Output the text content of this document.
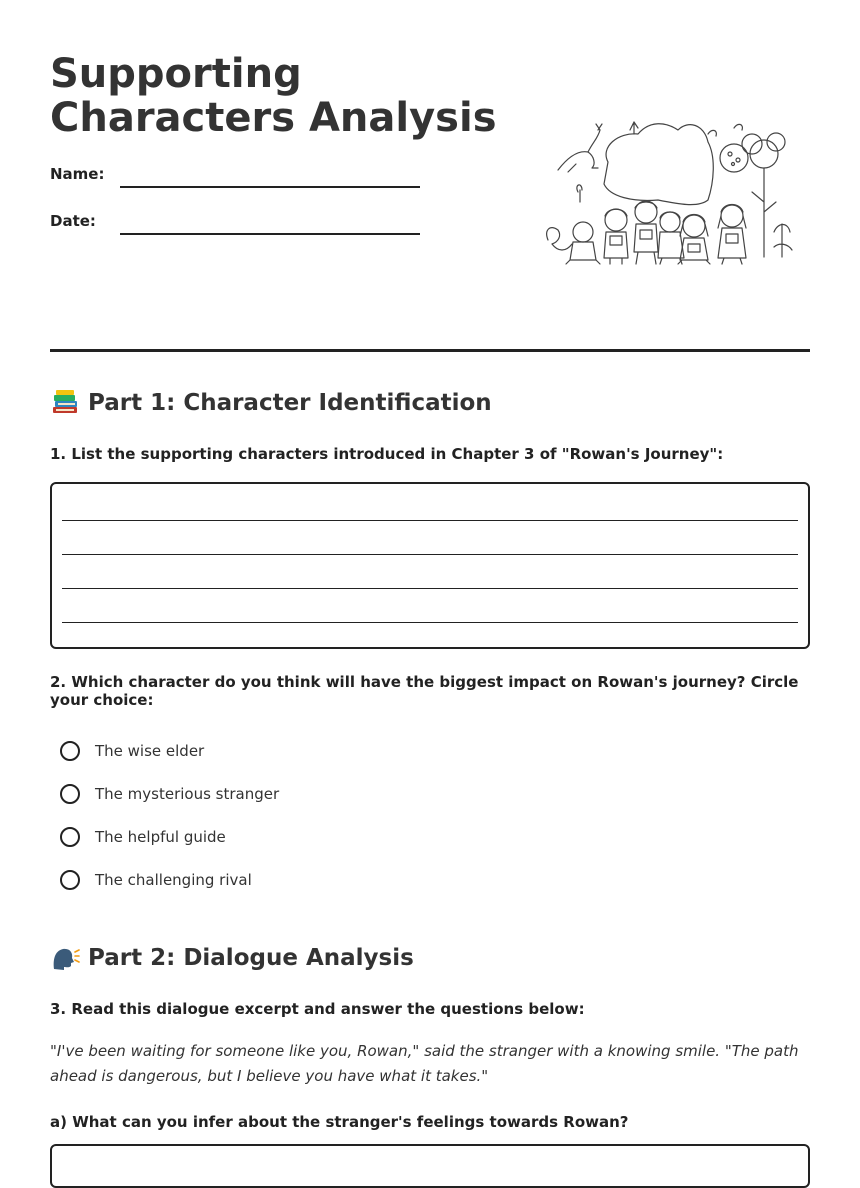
Supporting Characters Analysis
Name:
Date:
Part 1: Character Identification
1. List the supporting characters introduced in Chapter 3 of "Rowan's Journey":
2. Which character do you think will have the biggest impact on Rowan's journey? Circle your choice:
The wise elder
The mysterious stranger
The helpful guide
The challenging rival
Part 2: Dialogue Analysis
3. Read this dialogue excerpt and answer the questions below:
"I've been waiting for someone like you, Rowan," said the stranger with a knowing smile. "The path ahead is dangerous, but I believe you have what it takes."
a) What can you infer about the stranger's feelings towards Rowan?
